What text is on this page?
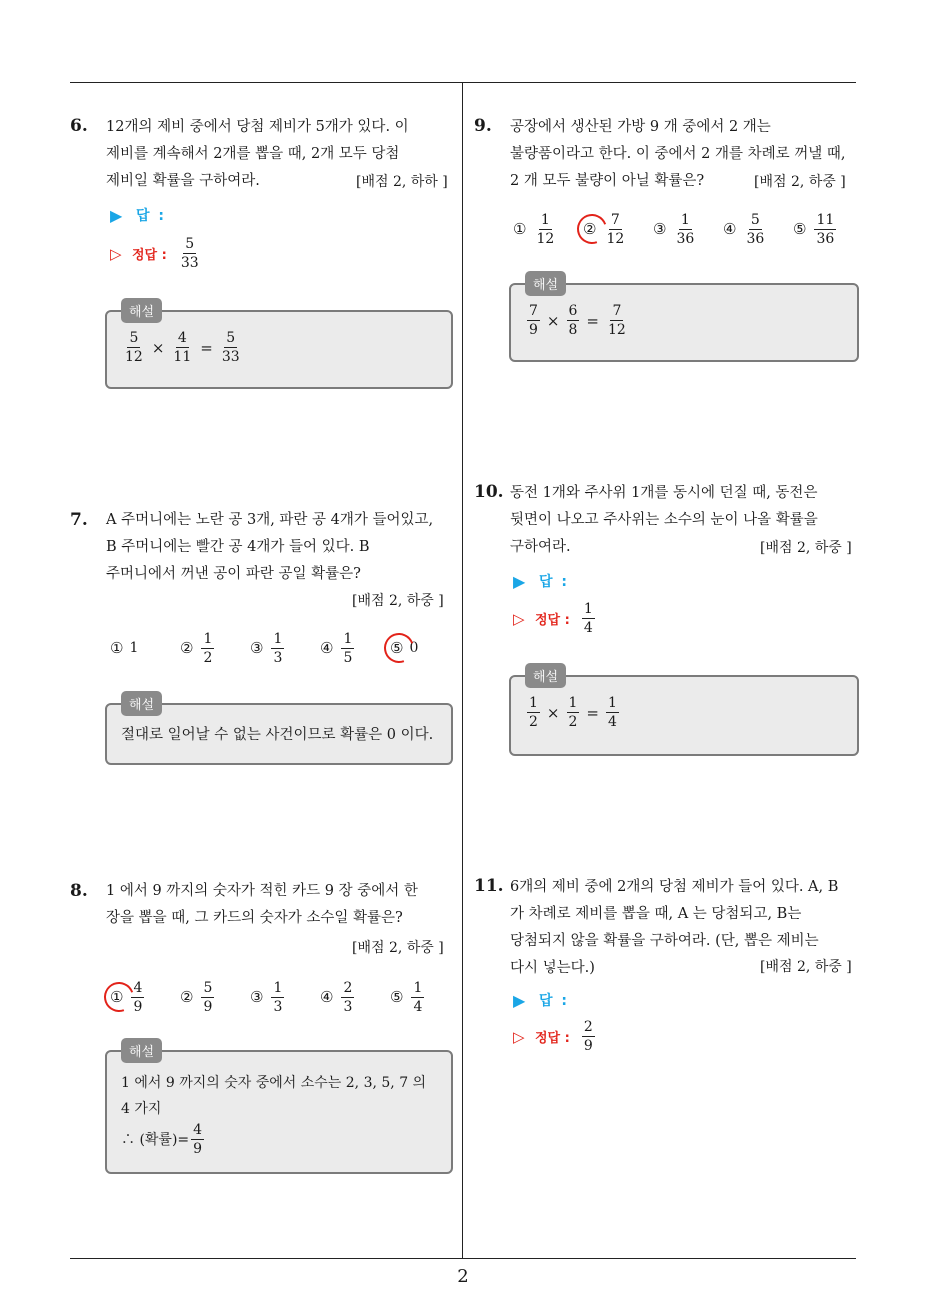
2
6. 12개의 제비 중에서 당첨 제비가 5개가 있다. 이
제비를 계속해서 2개를 뽑을 때, 2개 모두 당첨
제비일 확률을 구하여라.	[배점 2, 하하 ]
▶ 답 :
▷ 정답 : $\frac{5}{33}$
해설
$\frac{5}{12} \times \frac{4}{11} = \frac{5}{33}$
7. A 주머니에는 노란 공 3개, 파란 공 4개가 들어있고,
B 주머니에는 빨간 공 4개가 들어 있다. B
주머니에서 꺼낸 공이 파란 공일 확률은?
[배점 2, 하중 ]
① 1	② $\frac{1}{2}$ ③ $\frac{1}{3}$ ④ $\frac{1}{5}$ ⑤ 0
해설
절대로 일어날 수 없는 사건이므로 확률은 0 이다.
8. 1 에서 9 까지의 숫자가 적힌 카드 9 장 중에서 한
장을 뽑을 때, 그 카드의 숫자가 소수일 확률은?
[배점 2, 하중 ]
① $\frac{4}{9}$ ② $\frac{5}{9}$ ③ $\frac{1}{3}$ ④ $\frac{2}{3}$ ⑤ $\frac{1}{4}$
해설
1 에서 9 까지의 숫자 중에서 소수는 2, 3, 5, 7 의
4 가지
∴ (확률)= $\frac{4}{9}$
9. 공장에서 생산된 가방 9 개 중에서 2 개는
불량품이라고 한다. 이 중에서 2 개를 차례로 꺼낼 때,
2 개 모두 불량이 아닐 확률은?	[배점 2, 하중 ]
① $\frac{1}{12}$ ② $\frac{7}{12}$ ③ $\frac{1}{36}$ ④ $\frac{5}{36}$ ⑤ $\frac{11}{36}$
해설
$\frac{7}{9} \times \frac{6}{8} = \frac{7}{12}$
10. 동전 1개와 주사위 1개를 동시에 던질 때, 동전은
뒷면이 나오고 주사위는 소수의 눈이 나올 확률을
구하여라.	[배점 2, 하중 ]
▶ 답 :
▷ 정답 : $\frac{1}{4}$
해설
$\frac{1}{2} \times \frac{1}{2} = \frac{1}{4}$
11. 6개의 제비 중에 2개의 당첨 제비가 들어 있다. A, B
가 차례로 제비를 뽑을 때, A 는 당첨되고, B는
당첨되지 않을 확률을 구하여라. (단, 뽑은 제비는
다시 넣는다.)	[배점 2, 하중 ]
▶ 답 :
▷ 정답 : $\frac{2}{9}$
